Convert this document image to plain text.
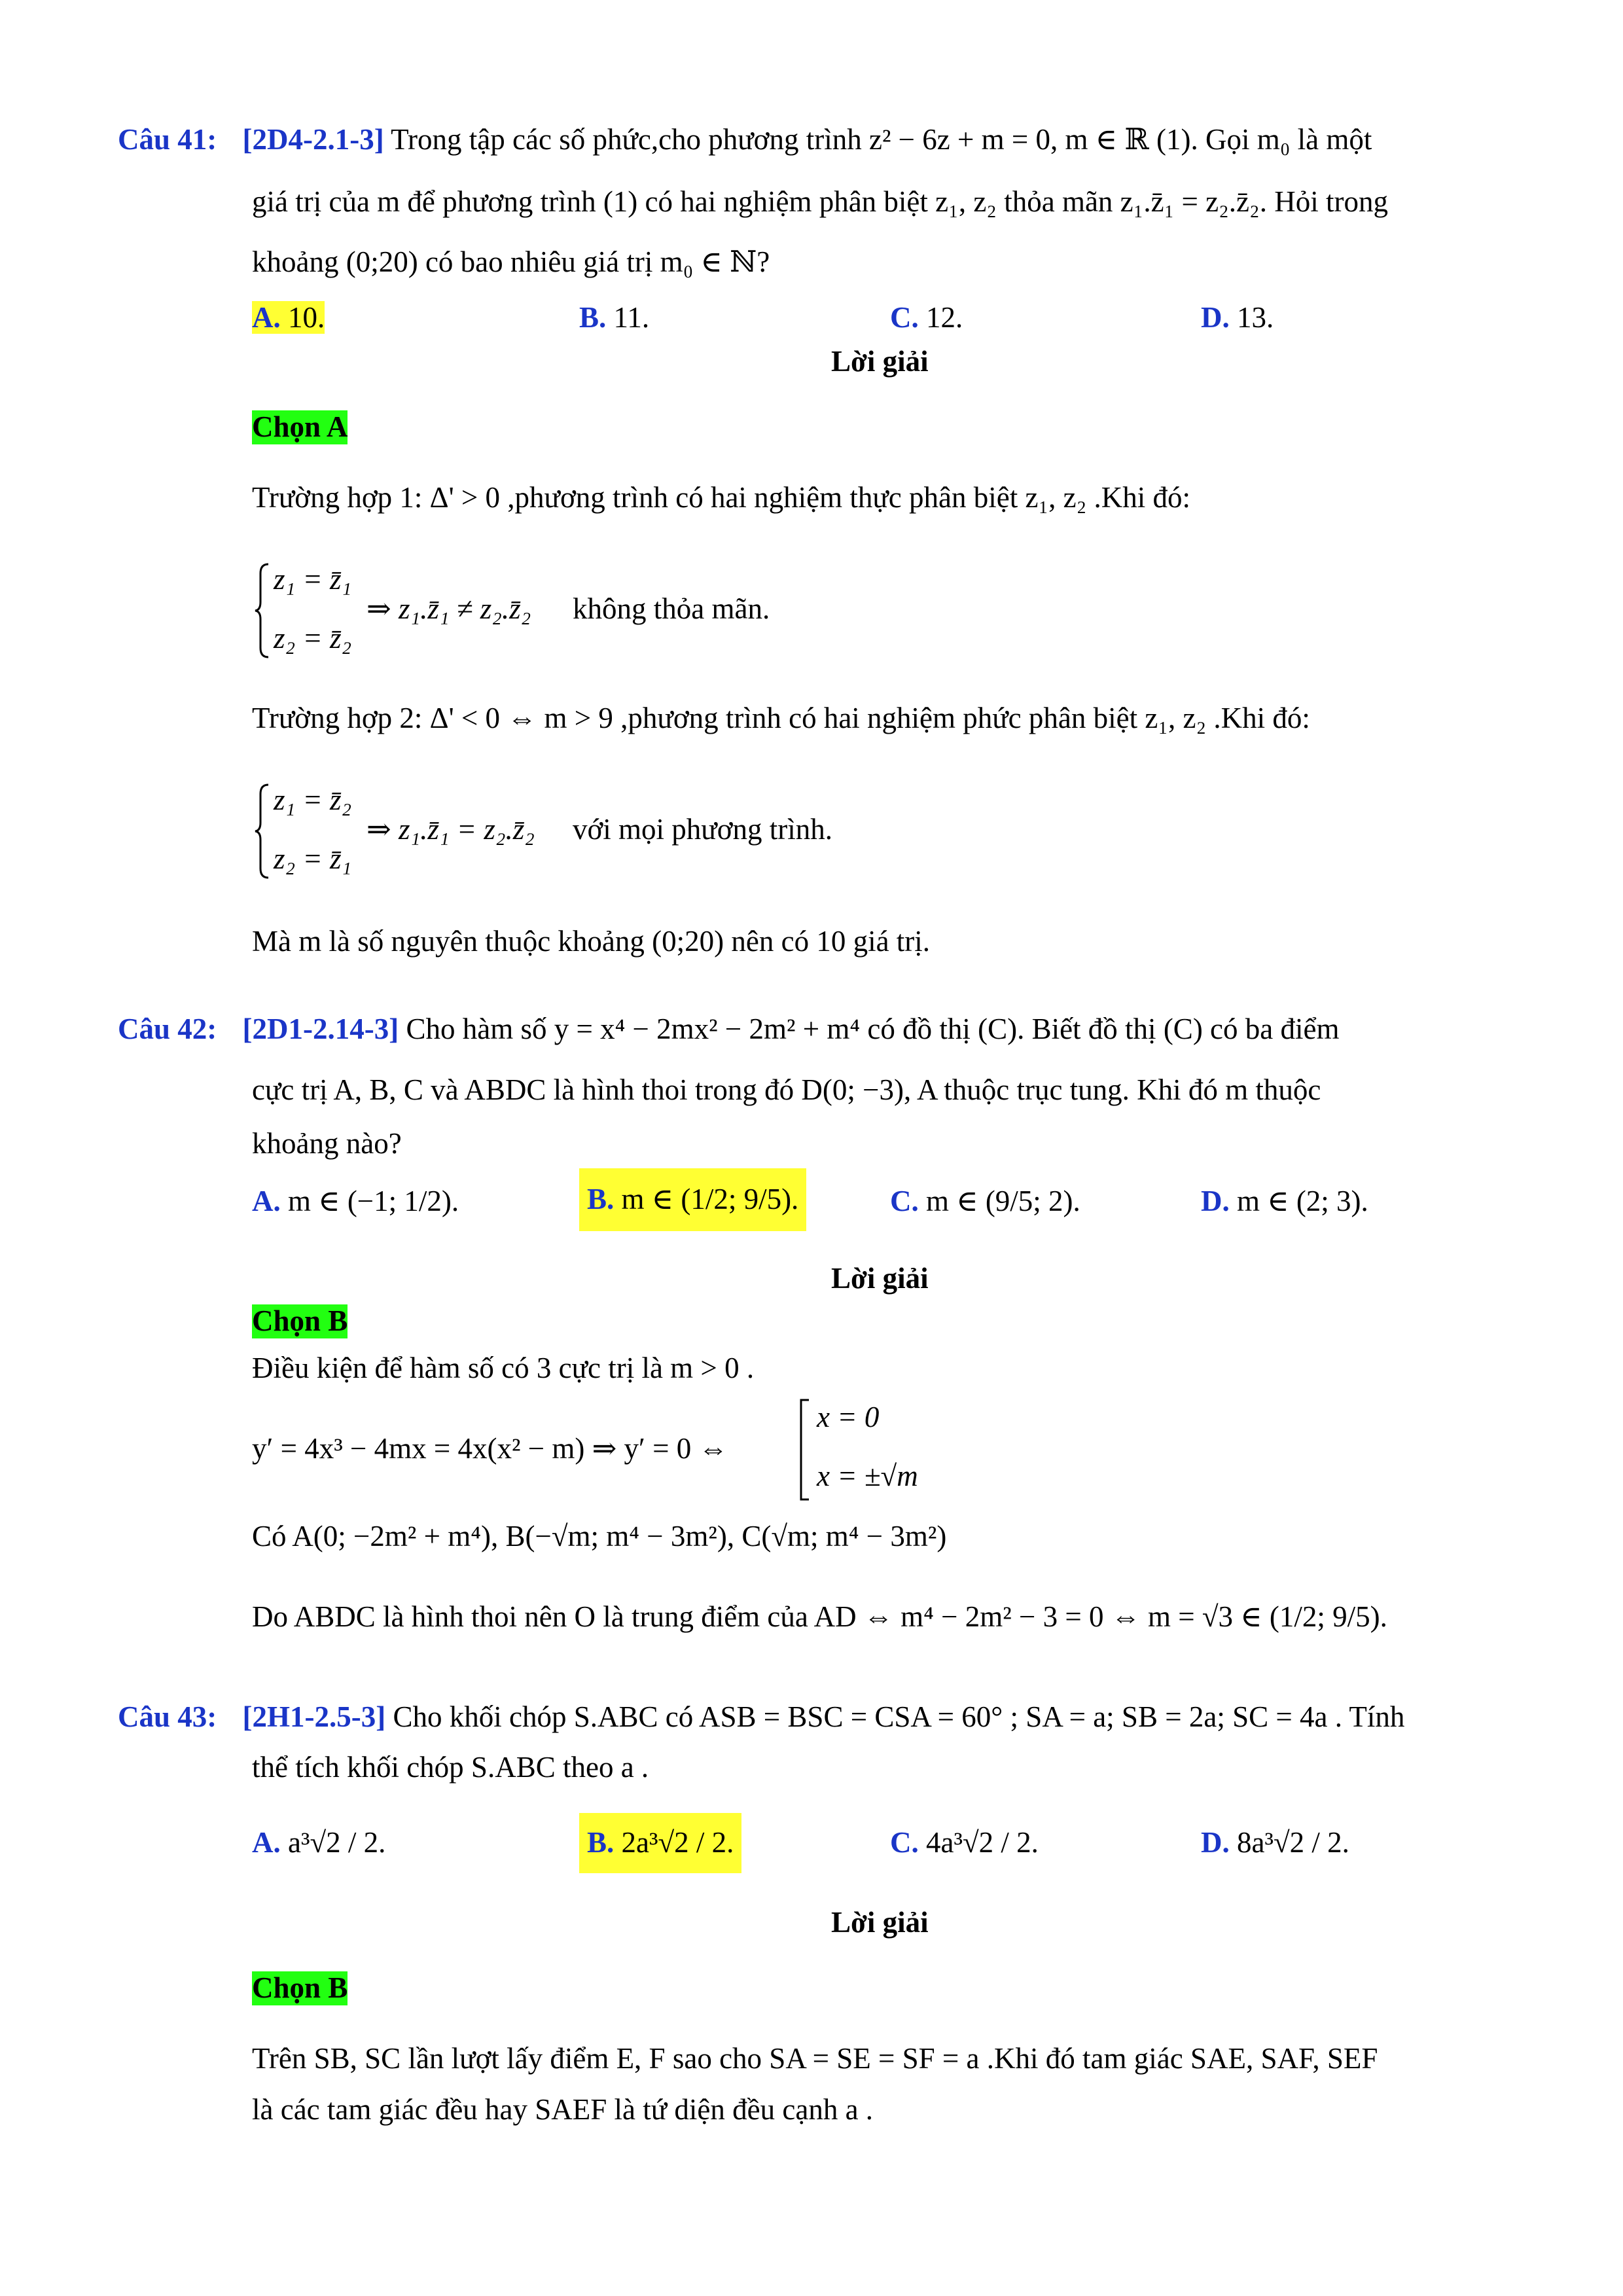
Câu 41: [2D4-2.1-3] Trong tập các số phức,cho phương trình z² − 6z + m = 0, m ∈ ℝ (1). Gọi m₀ là một
giá trị của m để phương trình (1) có hai nghiệm phân biệt z₁, z₂ thỏa mãn z₁.z̄₁ = z₂.z̄₂. Hỏi trong
khoảng (0;20) có bao nhiêu giá trị m₀ ∈ ℕ?
A. 10.	B. 11.	C. 12.	D. 13.
Lời giải
Chọn A
Trường hợp 1: Δ' > 0 ,phương trình có hai nghiệm thực phân biệt z₁, z₂ .Khi đó:
z₁ = z̄₁
z₂ = z̄₂
⇒ z₁.z̄₁ ≠ z₂.z̄₂ không thỏa mãn.
Trường hợp 2: Δ' < 0 ⇔ m > 9 ,phương trình có hai nghiệm phức phân biệt z₁, z₂ .Khi đó:
z₁ = z̄₂
z₂ = z̄₁
⇒ z₁.z̄₁ = z₂.z̄₂ với mọi phương trình.
Mà m là số nguyên thuộc khoảng (0;20) nên có 10 giá trị.
Câu 42: [2D1-2.14-3] Cho hàm số y = x⁴ − 2mx² − 2m² + m⁴ có đồ thị (C). Biết đồ thị (C) có ba điểm
cực trị A, B, C và ABDC là hình thoi trong đó D(0; −3), A thuộc trục tung. Khi đó m thuộc
khoảng nào?
A. m ∈ (−1; 1/2).	B. m ∈ (1/2; 9/5).	C. m ∈ (9/5; 2).	D. m ∈ (2; 3).
Lời giải
Chọn B
Điều kiện để hàm số có 3 cực trị là m > 0 .
y′ = 4x³ − 4mx = 4x(x² − m) ⇒ y′ = 0 ⇔
x = 0
x = ±√m
Có A(0; −2m² + m⁴), B(−√m; m⁴ − 3m²), C(√m; m⁴ − 3m²)
Do ABDC là hình thoi nên O là trung điểm của AD ⇔ m⁴ − 2m² − 3 = 0 ⇔ m = √3 ∈ (1/2; 9/5).
Câu 43: [2H1-2.5-3] Cho khối chóp S.ABC có ASB = BSC = CSA = 60° ; SA = a; SB = 2a; SC = 4a . Tính
thể tích khối chóp S.ABC theo a .
A. a³√2 / 2.	B. 2a³√2 / 2.	C. 4a³√2 / 2.	D. 8a³√2 / 2.
Lời giải
Chọn B
Trên SB, SC lần lượt lấy điểm E, F sao cho SA = SE = SF = a .Khi đó tam giác SAE, SAF, SEF
là các tam giác đều hay SAEF là tứ diện đều cạnh a .
